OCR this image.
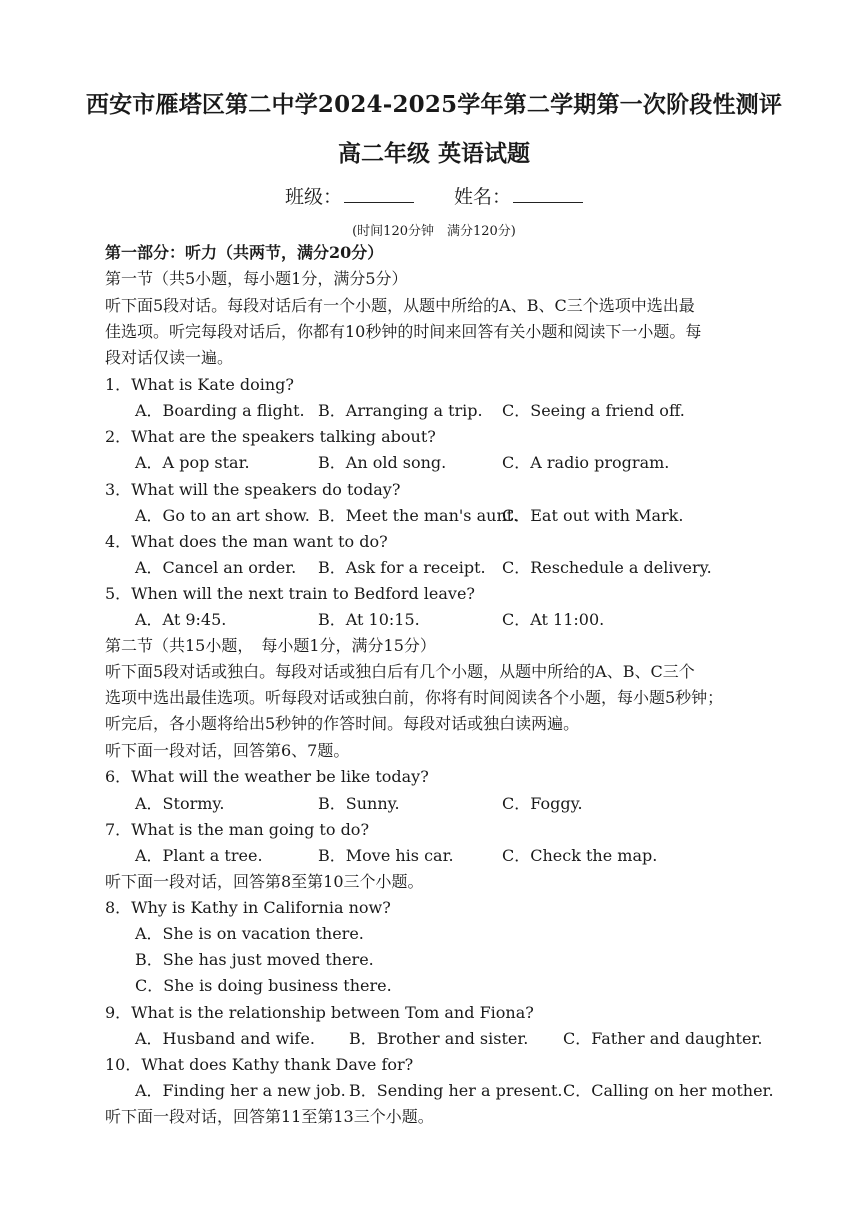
西安市雁塔区第二中学2024-2025学年第二学期第一次阶段性测评
高二年级 英语试题
班级：	姓名：
(时间120分钟　满分120分)
第一部分：听力（共两节，满分20分）
第一节（共5小题，每小题1分，满分5分）
听下面5段对话。每段对话后有一个小题，从题中所给的A、B、C三个选项中选出最
佳选项。听完每段对话后，你都有10秒钟的时间来回答有关小题和阅读下一小题。每
段对话仅读一遍。
1．What is Kate doing?
A．Boarding a flight. B．Arranging a trip. C．Seeing a friend off.
2．What are the speakers talking about?
A．A pop star.	B．An old song.	C．A radio program.
3．What will the speakers do today?
A．Go to an art show. B．Meet the man's aunt.
C．Eat out with Mark.
4．What does the man want to do?
A．Cancel an order. B．Ask for a receipt. C．Reschedule a delivery.
5．When will the next train to Bedford leave?
A．At 9:45.	B．At 10:15.	C．At 11:00.
第二节（共15小题，　每小题1分，满分15分）
听下面5段对话或独白。每段对话或独白后有几个小题，从题中所给的A、B、C三个
选项中选出最佳选项。听每段对话或独白前，你将有时间阅读各个小题，每小题5秒钟；
听完后，各小题将给出5秒钟的作答时间。每段对话或独白读两遍。
听下面一段对话，回答第6、7题。
6．What will the weather be like today?
A．Stormy.	B．Sunny.	C．Foggy.
7．What is the man going to do?
A．Plant a tree.	B．Move his car.	C．Check the map.
听下面一段对话，回答第8至第10三个小题。
8．Why is Kathy in California now?
A．She is on vacation there.
B．She has just moved there.
C．She is doing business there.
9．What is the relationship between Tom and Fiona?
A．Husband and wife. B．Brother and sister. C．Father and daughter.
10．What does Kathy thank Dave for?
A．Finding her a new job. B．Sending her a present. C．Calling on her mother.
听下面一段对话，回答第11至第13三个小题。
